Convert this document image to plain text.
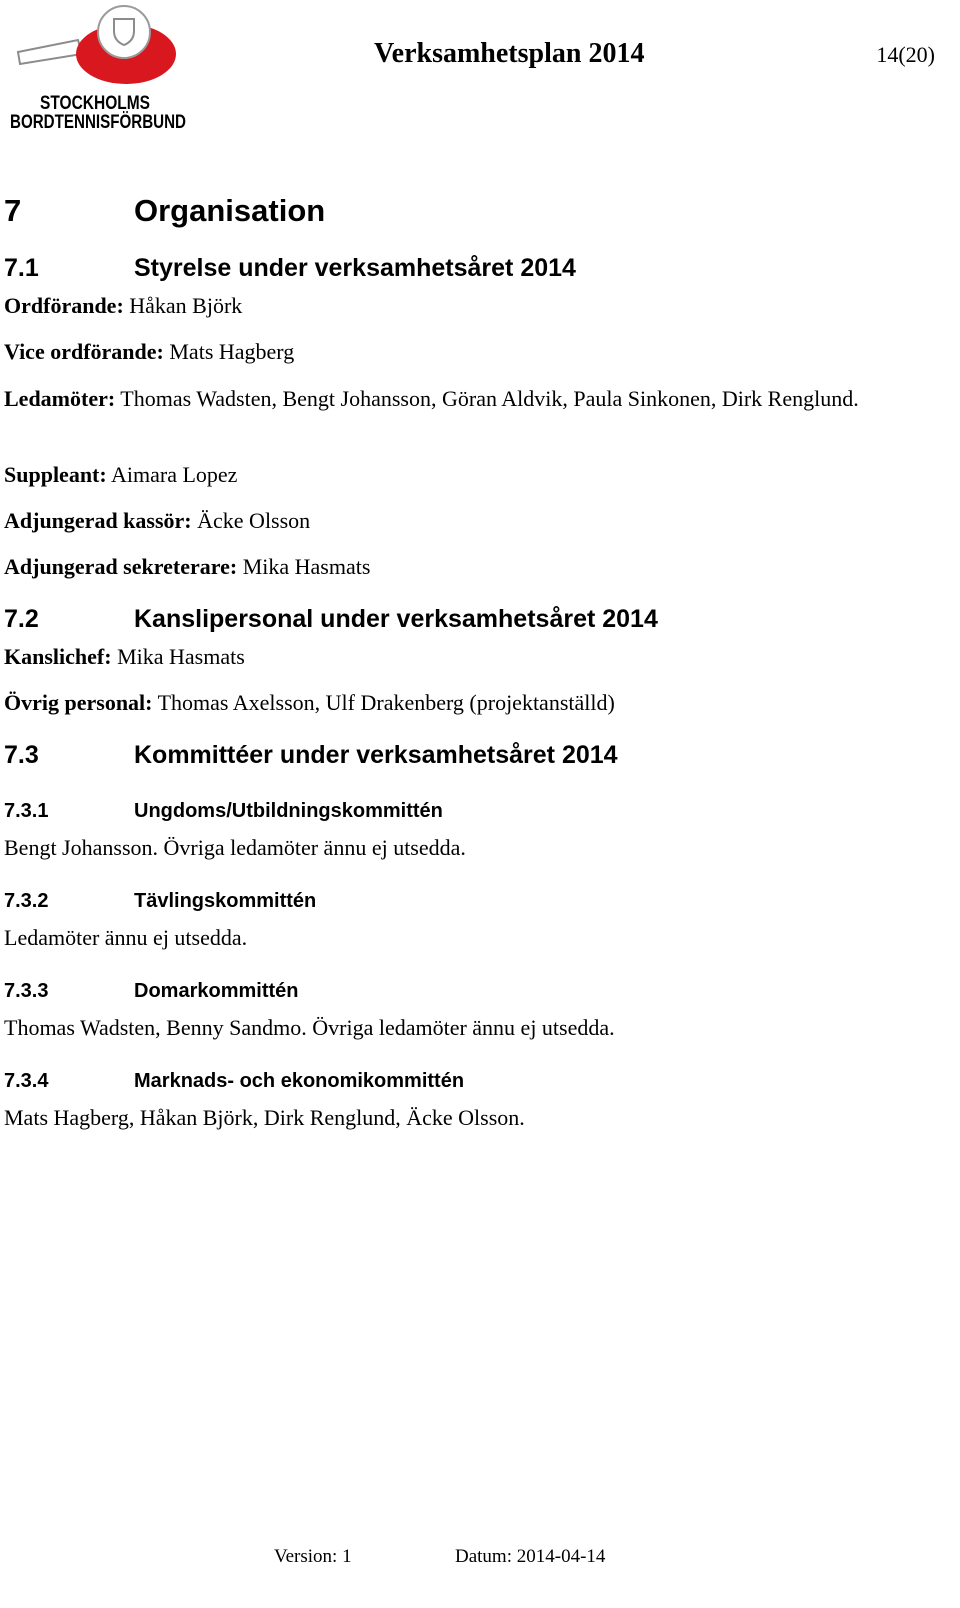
STOCKHOLMS
BORDTENNISFÖRBUND
Verksamhetsplan 2014	14(20)
7	Organisation
7.1	Styrelse under verksamhetsåret 2014
Ordförande: Håkan Björk
Vice ordförande: Mats Hagberg
Ledamöter: Thomas Wadsten, Bengt Johansson, Göran Aldvik, Paula Sinkonen, Dirk Renglund.
Suppleant: Aimara Lopez
Adjungerad kassör: Äcke Olsson
Adjungerad sekreterare: Mika Hasmats
7.2	Kanslipersonal under verksamhetsåret 2014
Kanslichef: Mika Hasmats
Övrig personal: Thomas Axelsson, Ulf Drakenberg (projektanställd)
7.3	Kommittéer under verksamhetsåret 2014
7.3.1	Ungdoms/Utbildningskommittén
Bengt Johansson. Övriga ledamöter ännu ej utsedda.
7.3.2	Tävlingskommittén
Ledamöter ännu ej utsedda.
7.3.3	Domarkommittén
Thomas Wadsten, Benny Sandmo. Övriga ledamöter ännu ej utsedda.
7.3.4	Marknads- och ekonomikommittén
Mats Hagberg, Håkan Björk, Dirk Renglund, Äcke Olsson.
Version: 1	Datum: 2014-04-14
